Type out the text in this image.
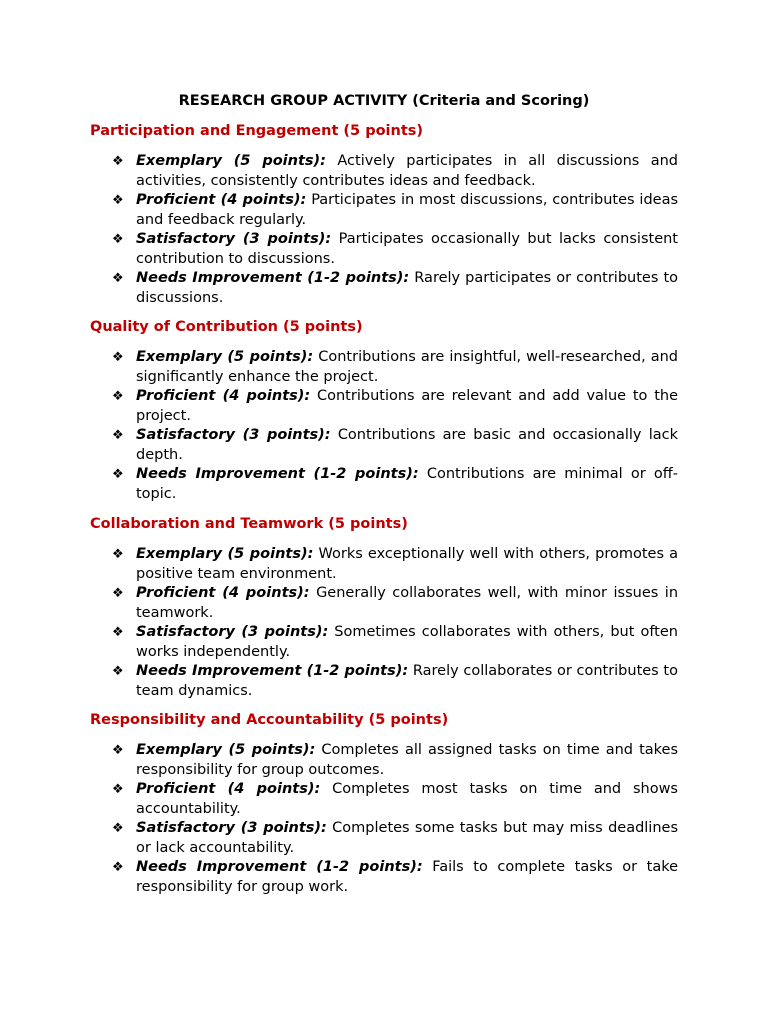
RESEARCH GROUP ACTIVITY (Criteria and Scoring)
Participation and Engagement (5 points)
❖ Exemplary (5 points): Actively participates in all discussions and activities, consistently contributes ideas and feedback.
❖ Proficient (4 points): Participates in most discussions, contributes ideas and feedback regularly.
❖ Satisfactory (3 points): Participates occasionally but lacks consistent contribution to discussions.
❖ Needs Improvement (1-2 points): Rarely participates or contributes to discussions.
Quality of Contribution (5 points)
❖ Exemplary (5 points): Contributions are insightful, well-researched, and significantly enhance the project.
❖ Proficient (4 points): Contributions are relevant and add value to the project.
❖ Satisfactory (3 points): Contributions are basic and occasionally lack depth.
❖ Needs Improvement (1-2 points): Contributions are minimal or off-topic.
Collaboration and Teamwork (5 points)
❖ Exemplary (5 points): Works exceptionally well with others, promotes a positive team environment.
❖ Proficient (4 points): Generally collaborates well, with minor issues in teamwork.
❖ Satisfactory (3 points): Sometimes collaborates with others, but often works independently.
❖ Needs Improvement (1-2 points): Rarely collaborates or contributes to team dynamics.
Responsibility and Accountability (5 points)
❖ Exemplary (5 points): Completes all assigned tasks on time and takes responsibility for group outcomes.
❖ Proficient (4 points): Completes most tasks on time and shows accountability.
❖ Satisfactory (3 points): Completes some tasks but may miss deadlines or lack accountability.
❖ Needs Improvement (1-2 points): Fails to complete tasks or take responsibility for group work.
